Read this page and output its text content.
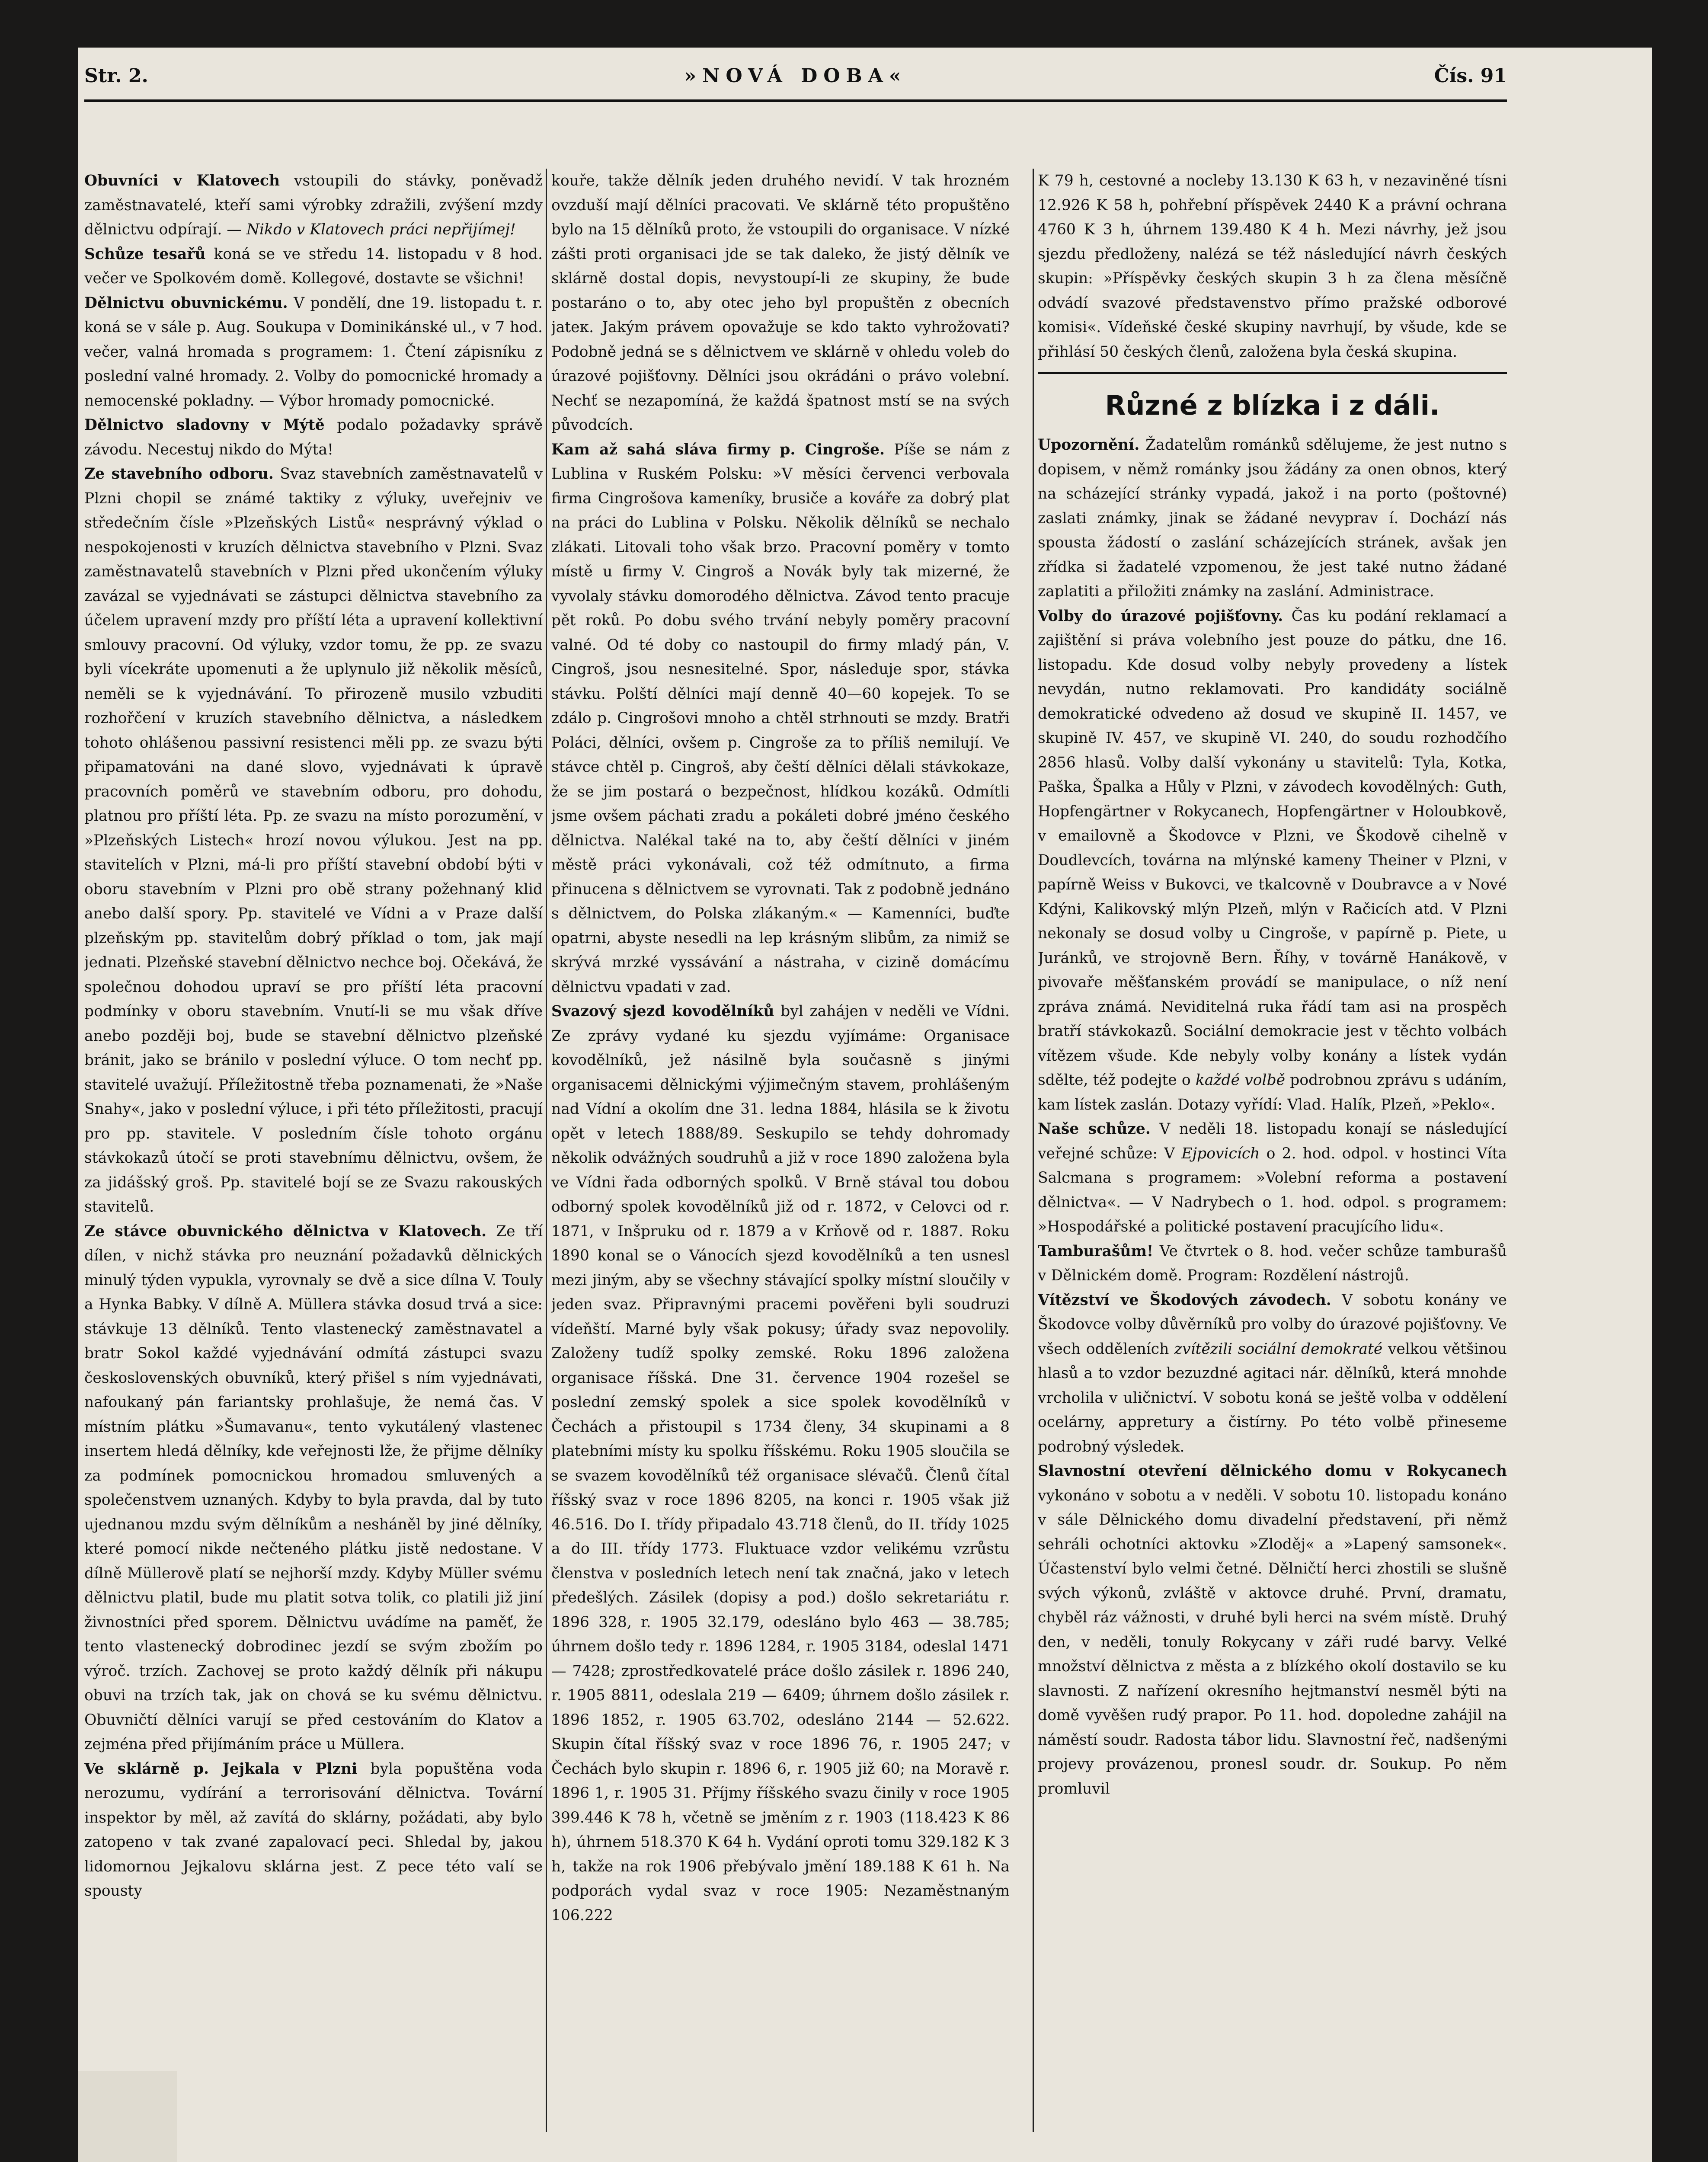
Str. 2.	»NOVÁ DOBA«	Čís. 91

Obuvníci v Klatovech vstoupili do stávky, poněvadž zaměstnavatelé, kteří sami výrobky zdražili, zvýšení mzdy dělnictvu odpírají. — Nikdo v Klatovech práci nepřijímej!

Schůze tesařů koná se ve středu 14. listopadu v 8 hod. večer ve Spolkovém domě. Kollegové, dostavte se všichni!

Dělnictvu obuvnickému. V pondělí, dne 19. listopadu t. r. koná se v sále p. Aug. Soukupa v Dominikánské ul., v 7 hod. večer, valná hromada s programem: 1. Čtení zápisníku z poslední valné hromady. 2. Volby do pomocnické hromady a nemocenské pokladny. — Výbor hromady pomocnické.

Dělnictvo sladovny v Mýtě podalo požadavky správě závodu. Necestuj nikdo do Mýta!

Ze stavebního odboru. Svaz stavebních zaměstnavatelů v Plzni chopil se známé taktiky z výluky, uveřejniv ve středečním čísle »Plzeňských Listů« nesprávný výklad o nespokojenosti v kruzích dělnictva stavebního v Plzni. Svaz zaměstnavatelů stavebních v Plzni před ukončením výluky zavázal se vyjednávati se zástupci dělnictva stavebního za účelem upravení mzdy pro příští léta a upravení kollektivní smlouvy pracovní. Od výluky, vzdor tomu, že pp. ze svazu byli vícekráte upomenuti a že uplynulo již několik měsíců, neměli se k vyjednávání. To přirozeně musilo vzbuditi rozhořčení v kruzích stavebního dělnictva, a následkem tohoto ohlášenou passivní resistenci měli pp. ze svazu býti připamatováni na dané slovo, vyjednávati k úpravě pracovních poměrů ve stavebním odboru, pro dohodu, platnou pro příští léta. Pp. ze svazu na místo porozumění, v »Plzeňských Listech« hrozí novou výlukou. Jest na pp. stavitelích v Plzni, má-li pro příští stavební období býti v oboru stavebním v Plzni pro obě strany požehnaný klid anebo další spory. Pp. stavitelé ve Vídni a v Praze další plzeňským pp. stavitelům dobrý příklad o tom, jak mají jednati. Plzeňské stavební dělnictvo nechce boj. Očekává, že společnou dohodou upraví se pro příští léta pracovní podmínky v oboru stavebním. Vnutí-li se mu však dříve anebo později boj, bude se stavební dělnictvo plzeňské bránit, jako se bránilo v poslední výluce. O tom nechť pp. stavitelé uvažují. Příležitostně třeba poznamenati, že »Naše Snahy«, jako v poslední výluce, i při této příležitosti, pracují pro pp. stavitele. V posledním čísle tohoto orgánu stávkokazů útočí se proti stavebnímu dělnictvu, ovšem, že za jidášský groš. Pp. stavitelé bojí se ze Svazu rakouských stavitelů.

Ze stávce obuvnického dělnictva v Klatovech. Ze tří dílen, v nichž stávka pro neuznání požadavků dělnických minulý týden vypukla, vyrovnaly se dvě a sice dílna V. Touly a Hynka Babky. V dílně A. Müllera stávka dosud trvá a sice: stávkuje 13 dělníků. Tento vlastenecký zaměstnavatel a bratr Sokol každé vyjednávání odmítá zástupci svazu československých obuvníků, který přišel s ním vyjednávati, nafoukaný pán fariantsky prohlašuje, že nemá čas. V místním plátku »Šumavanu«, tento vykutálený vlastenec insertem hledá dělníky, kde veřejnosti lže, že přijme dělníky za podmínek pomocnickou hromadou smluvených a společenstvem uznaných. Kdyby to byla pravda, dal by tuto ujednanou mzdu svým dělníkům a nesháněl by jiné dělníky, které pomocí nikde nečteného plátku jistě nedostane. V dílně Müllerově platí se nejhorší mzdy. Kdyby Müller svému dělnictvu platil, bude mu platit sotva tolik, co platili již jiní živnostníci před sporem. Dělnictvu uvádíme na paměť, že tento vlastenecký dobrodinec jezdí se svým zbožím po výroč. trzích. Zachovej se proto každý dělník při nákupu obuvi na trzích tak, jak on chová se ku svému dělnictvu. Obuvničtí dělníci varují se před cestováním do Klatov a zejména před přijímáním práce u Müllera.

Ve sklárně p. Jejkala v Plzni byla popuštěna voda nerozumu, vydírání a terrorisování dělnictva. Tovární inspektor by měl, až zavítá do sklárny, požádati, aby bylo zatopeno v tak zvané zapalovací peci. Shledal by, jakou lidomornou Jejkalovu sklárna jest. Z pece této valí se spousty

kouře, takže dělník jeden druhého nevidí. V tak hrozném ovzduší mají dělníci pracovati. Ve sklárně této propuštěno bylo na 15 dělníků proto, že vstoupili do organisace. V nízké zášti proti organisaci jde se tak daleko, že jistý dělník ve sklárně dostal dopis, nevystoupí-li ze skupiny, že bude postaráno o to, aby otec jeho byl propuštěn z obecních jateк. Jakým právem opovažuje se kdo takto vyhrožovati? Podobně jedná se s dělnictvem ve sklárně v ohledu voleb do úrazové pojišťovny. Dělníci jsou okrádáni o právo volební. Nechť se nezapomíná, že každá špatnost mstí se na svých původcích.

Kam až sahá sláva firmy p. Cingroše. Píše se nám z Lublina v Ruském Polsku: »V měsíci červenci verbovala firma Cingrošova kameníky, brusiče a kováře za dobrý plat na práci do Lublina v Polsku. Několik dělníků se nechalo zlákati. Litovali toho však brzo. Pracovní poměry v tomto místě u firmy V. Cingroš a Novák byly tak mizerné, že vyvolaly stávku domorodého dělnictva. Závod tento pracuje pět roků. Po dobu svého trvání nebyly poměry pracovní valné. Od té doby co nastoupil do firmy mladý pán, V. Cingroš, jsou nesnesitelné. Spor, následuje spor, stávka stávku. Polští dělníci mají denně 40—60 kopejek. To se zdálo p. Cingrošovi mnoho a chtěl strhnouti se mzdy. Bratři Poláci, dělníci, ovšem p. Cingroše za to příliš nemilují. Ve stávce chtěl p. Cingroš, aby čeští dělníci dělali stávkokaze, že se jim postará o bezpečnost, hlídkou kozáků. Odmítli jsme ovšem páchati zradu a pokáleti dobré jméno českého dělnictva. Nalékal také na to, aby čeští dělníci v jiném městě práci vykonávali, což též odmítnuto, a firma přinucena s dělnictvem se vyrovnati. Tak z podobně jednáno s dělnictvem, do Polska zlákaným.« — Kamenníci, buďte opatrni, abyste nesedli na lep krásným slibům, za nimiž se skrývá mrzké vyssávání a nástraha, v cizině domácímu dělnictvu vpadati v zad.

Svazový sjezd kovodělníků byl zahájen v neděli ve Vídni. Ze zprávy vydané ku sjezdu vyjímáme: Organisace kovodělníků, jež násilně byla současně s jinými organisacemi dělnickými výjimečným stavem, prohlášeným nad Vídní a okolím dne 31. ledna 1884, hlásila se k životu opět v letech 1888/89. Seskupilo se tehdy dohromady několik odvážných soudruhů a již v roce 1890 založena byla ve Vídni řada odborných spolků. V Brně stával tou dobou odborný spolek kovodělníků již od r. 1872, v Celovci od r. 1871, v Inšpruku od r. 1879 a v Krňově od r. 1887. Roku 1890 konal se o Vánocích sjezd kovodělníků a ten usnesl mezi jiným, aby se všechny stávající spolky místní sloučily v jeden svaz. Připravnými pracemi pověřeni byli soudruzi vídeňští. Marné byly však pokusy; úřady svaz nepovolily. Založeny tudíž spolky zemské. Roku 1896 založena organisace říšská. Dne 31. července 1904 rozešel se poslední zemský spolek a sice spolek kovodělníků v Čechách a přistoupil s 1734 členy, 34 skupinami a 8 platebními místy ku spolku říšskému. Roku 1905 sloučila se se svazem kovodělníků též organisace slévačů. Členů čítal říšský svaz v roce 1896 8205, na konci r. 1905 však již 46.516. Do I. třídy připadalo 43.718 členů, do II. třídy 1025 a do III. třídy 1773. Fluktuace vzdor velikému vzrůstu členstva v posledních letech není tak značná, jako v letech předešlých. Zásilek (dopisy a pod.) došlo sekretariátu r. 1896 328, r. 1905 32.179, odesláno bylo 463 — 38.785; úhrnem došlo tedy r. 1896 1284, r. 1905 3184, odeslal 1471 — 7428; zprostředkovatelé práce došlo zásilek r. 1896 240, r. 1905 8811, odeslala 219 — 6409; úhrnem došlo zásilek r. 1896 1852, r. 1905 63.702, odesláno 2144 — 52.622. Skupin čítal říšský svaz v roce 1896 76, r. 1905 247; v Čechách bylo skupin r. 1896 6, r. 1905 již 60; na Moravě r. 1896 1, r. 1905 31. Příjmy říšského svazu činily v roce 1905 399.446 K 78 h, včetně se jměním z r. 1903 (118.423 K 86 h), úhrnem 518.370 K 64 h. Vydání oproti tomu 329.182 K 3 h, takže na rok 1906 přebývalo jmění 189.188 K 61 h. Na podporách vydal svaz v roce 1905: Nezaměstnaným 106.222

K 79 h, cestovné a nocleby 13.130 K 63 h, v nezaviněné tísni 12.926 K 58 h, pohřební příspěvek 2440 K a právní ochrana 4760 K 3 h, úhrnem 139.480 K 4 h. Mezi návrhy, jež jsou sjezdu předloženy, nalézá se též následující návrh českých skupin: »Příspěvky českých skupin 3 h za člena měsíčně odvádí svazové představenstvo přímo pražské odborové komisi«. Vídeňské české skupiny navrhují, by všude, kde se přihlásí 50 českých členů, založena byla česká skupina.

Různé z blízka i z dáli.

Upozornění. Žadatelům románků sdělujeme, že jest nutno s dopisem, v němž románky jsou žádány za onen obnos, který na scházející stránky vypadá, jakož i na porto (poštovné) zaslati známky, jinak se žádané nevyprav í. Dochází nás spousta žádostí o zaslání scházejících stránek, avšak jen zřídka si žadatelé vzpomenou, že jest také nutno žádané zaplatiti a přiložiti známky na zaslání. Administrace.

Volby do úrazové pojišťovny. Čas ku podání reklamací a zajištění si práva volebního jest pouze do pátku, dne 16. listopadu. Kde dosud volby nebyly provedeny a lístek nevydán, nutno reklamovati. Pro kandidáty sociálně demokratické odvedeno až dosud ve skupině II. 1457, ve skupině IV. 457, ve skupině VI. 240, do soudu rozhodčího 2856 hlasů. Volby další vykonány u stavitelů: Tyla, Kotka, Paška, Špalka a Hůly v Plzni, v závodech kovodělných: Guth, Hopfengärtner v Rokycanech, Hopfengärtner v Holoubkově, v emailovně a Škodovce v Plzni, ve Škodově cihelně v Doudlevcích, továrna na mlýnské kameny Theiner v Plzni, v papírně Weiss v Bukovci, ve tkalcovně v Doubravce a v Nové Kdýni, Kalikovský mlýn Plzeň, mlýn v Račicích atd. V Plzni nekonaly se dosud volby u Cingroše, v papírně p. Piete, u Juránků, ve strojovně Bern. Říhy, v továrně Hanákově, v pivovaře měšťanském provádí se manipulace, o níž není zpráva známá. Neviditelná ruka řádí tam asi na prospěch bratří stávkokazů. Sociální demokracie jest v těchto volbách vítězem všude. Kde nebyly volby konány a lístek vydán sdělte, též podejte o každé volbě podrobnou zprávu s udáním, kam lístek zaslán. Dotazy vyřídí: Vlad. Halík, Plzeň, »Peklo«.

Naše schůze. V neděli 18. listopadu konají se následující veřejné schůze: V Ejpovicích o 2. hod. odpol. v hostinci Víta Salcmana s programem: »Volební reforma a postavení dělnictva«. — V Nadrybech o 1. hod. odpol. s programem: »Hospodářské a politické postavení pracujícího lidu«.

Tamburašům! Ve čtvrtek o 8. hod. večer schůze tamburašů v Dělnickém domě. Program: Rozdělení nástrojů.

Vítězství ve Škodových závodech. V sobotu konány ve Škodovce volby důvěrníků pro volby do úrazové pojišťovny. Ve všech odděleních zvítězili sociální demokraté velkou většinou hlasů a to vzdor bezuzdné agitaci nár. dělníků, která mnohde vrcholila v uličnictví. V sobotu koná se ještě volba v oddělení ocelárny, appreturу a čistírny. Po této volbě přineseme podrobný výsledek.

Slavnostní otevření dělnického domu v Rokycanech vykonáno v sobotu a v neděli. V sobotu 10. listopadu konáno v sále Dělnického domu divadelní představení, při němž sehráli ochotníci aktovku »Zloděj« a »Lapený samsonek«. Účastenství bylo velmi četné. Dělničtí herci zhostili se slušně svých výkonů, zvláště v aktovce druhé. První, dramatu, chyběl ráz vážnosti, v druhé byli herci na svém místě. Druhý den, v neděli, tonuly Rokycany v záři rudé barvy. Velké množství dělnictva z města a z blízkého okolí dostavilo se ku slavnosti. Z nařízení okresního hejtmanství nesměl býti na domě vyvěšen rudý prapor. Po 11. hod. dopoledne zahájil na náměstí soudr. Radosta tábor lidu. Slavnostní řeč, nadšenými projevy provázenou, pronesl soudr. dr. Soukup. Po něm promluvil
